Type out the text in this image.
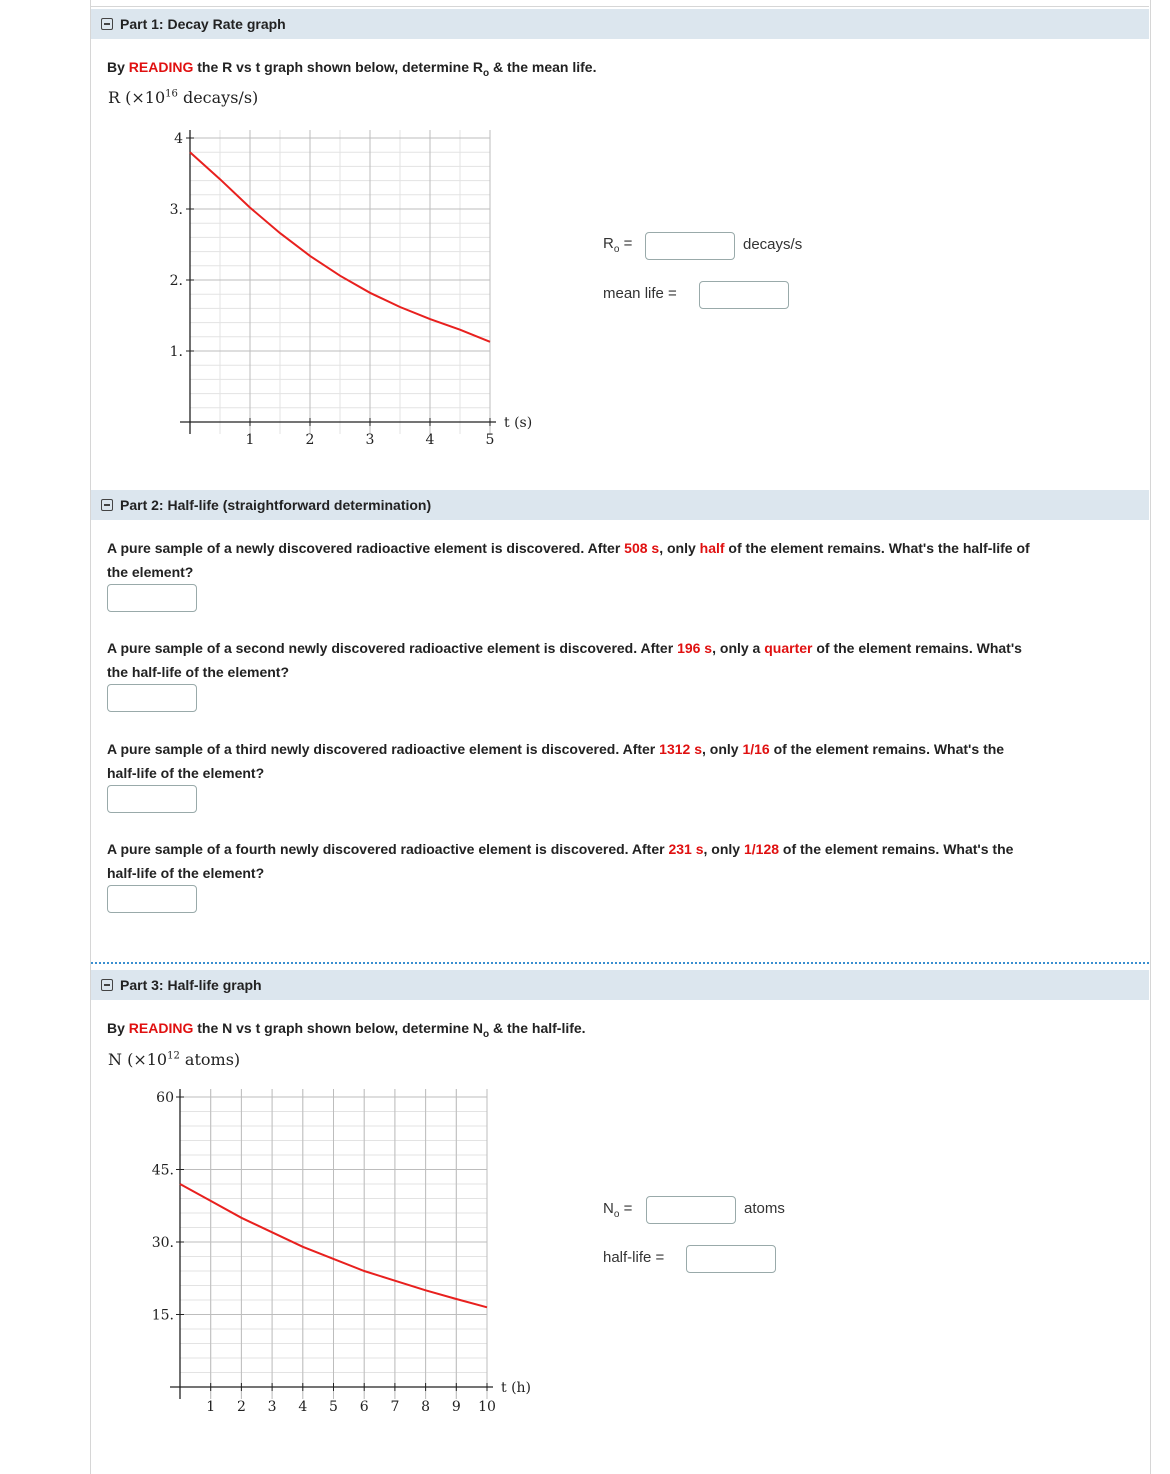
Part 1: Decay Rate graph
By READING the R vs t graph shown below, determine $R_o$ & the mean life.
R ($\times 10^{16}$ decays/s)
1	2	3	4	5
1.
2.
3.
4
t (s)
$R_o$ =	decays/s
mean life =
Part 2: Half-life (straightforward determination)
A pure sample of a newly discovered radioactive element is discovered. After 508 s, only half of the element remains. What's the half-life of
the element?
A pure sample of a second newly discovered radioactive element is discovered. After 196 s, only a quarter of the element remains. What's
the half-life of the element?
A pure sample of a third newly discovered radioactive element is discovered. After 1312 s, only 1/16 of the element remains. What's the
half-life of the element?
A pure sample of a fourth newly discovered radioactive element is discovered. After 231 s, only 1/128 of the element remains. What's the
half-life of the element?
Part 3: Half-life graph
By READING the N vs t graph shown below, determine $N_o$ & the half-life.
N ($\times 10^{12}$ atoms)
1 2 3 4 5 6 7 8 9 10
15.
30.
45.
60
t (h)
$N_o$ =	atoms
half-life =
